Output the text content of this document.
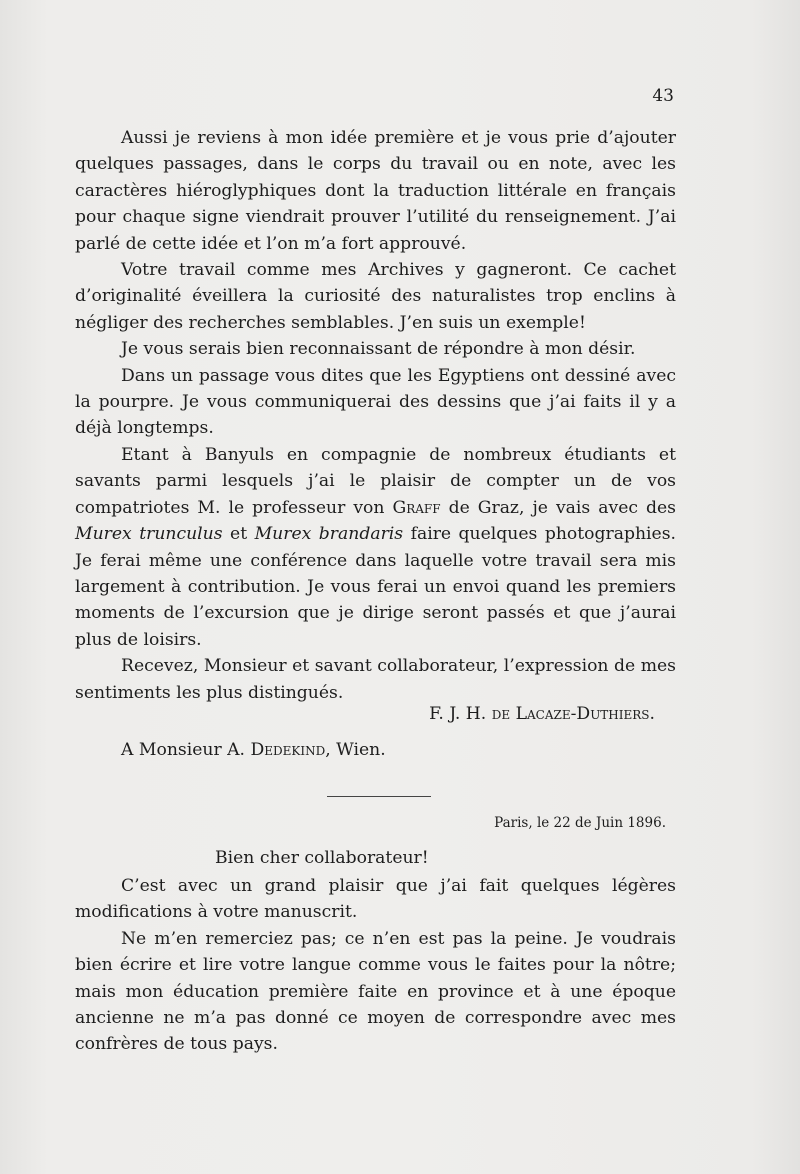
43

Aussi je reviens à mon idée première et je vous prie d’ajouter quelques passages, dans le corps du travail ou en note, avec les caractères hiéroglyphiques dont la traduction littérale en français pour chaque signe viendrait prouver l’utilité du renseignement. J’ai parlé de cette idée et l’on m’a fort approuvé.

Votre travail comme mes Archives y gagneront. Ce cachet d’originalité éveillera la curiosité des naturalistes trop enclins à négliger des recherches semblables. J’en suis un exemple!

Je vous serais bien reconnaissant de répondre à mon désir.

Dans un passage vous dites que les Egyptiens ont dessiné avec la pourpre. Je vous communiquerai des dessins que j’ai faits il y a déjà longtemps.

Etant à Banyuls en compagnie de nombreux étudiants et savants parmi lesquels j’ai le plaisir de compter un de vos compatriotes M. le professeur von Graff de Graz, je vais avec des Murex trunculus et Murex brandaris faire quelques photographies. Je ferai même une conférence dans laquelle votre travail sera mis largement à contribution. Je vous ferai un envoi quand les premiers moments de l’excursion que je dirige seront passés et que j’aurai plus de loisirs.

Recevez, Monsieur et savant collaborateur, l’expression de mes sentiments les plus distingués.

F. J. H. de Lacaze-Duthiers.
A Monsieur A. Dedekind, Wien.
Paris, le 22 de Juin 1896.
Bien cher collaborateur!

C’est avec un grand plaisir que j’ai fait quelques légères modifications à votre manuscrit.

Ne m’en remerciez pas; ce n’en est pas la peine. Je voudrais bien écrire et lire votre langue comme vous le faites pour la nôtre; mais mon éducation première faite en province et à une époque ancienne ne m’a pas donné ce moyen de correspondre avec mes confrères de tous pays.
